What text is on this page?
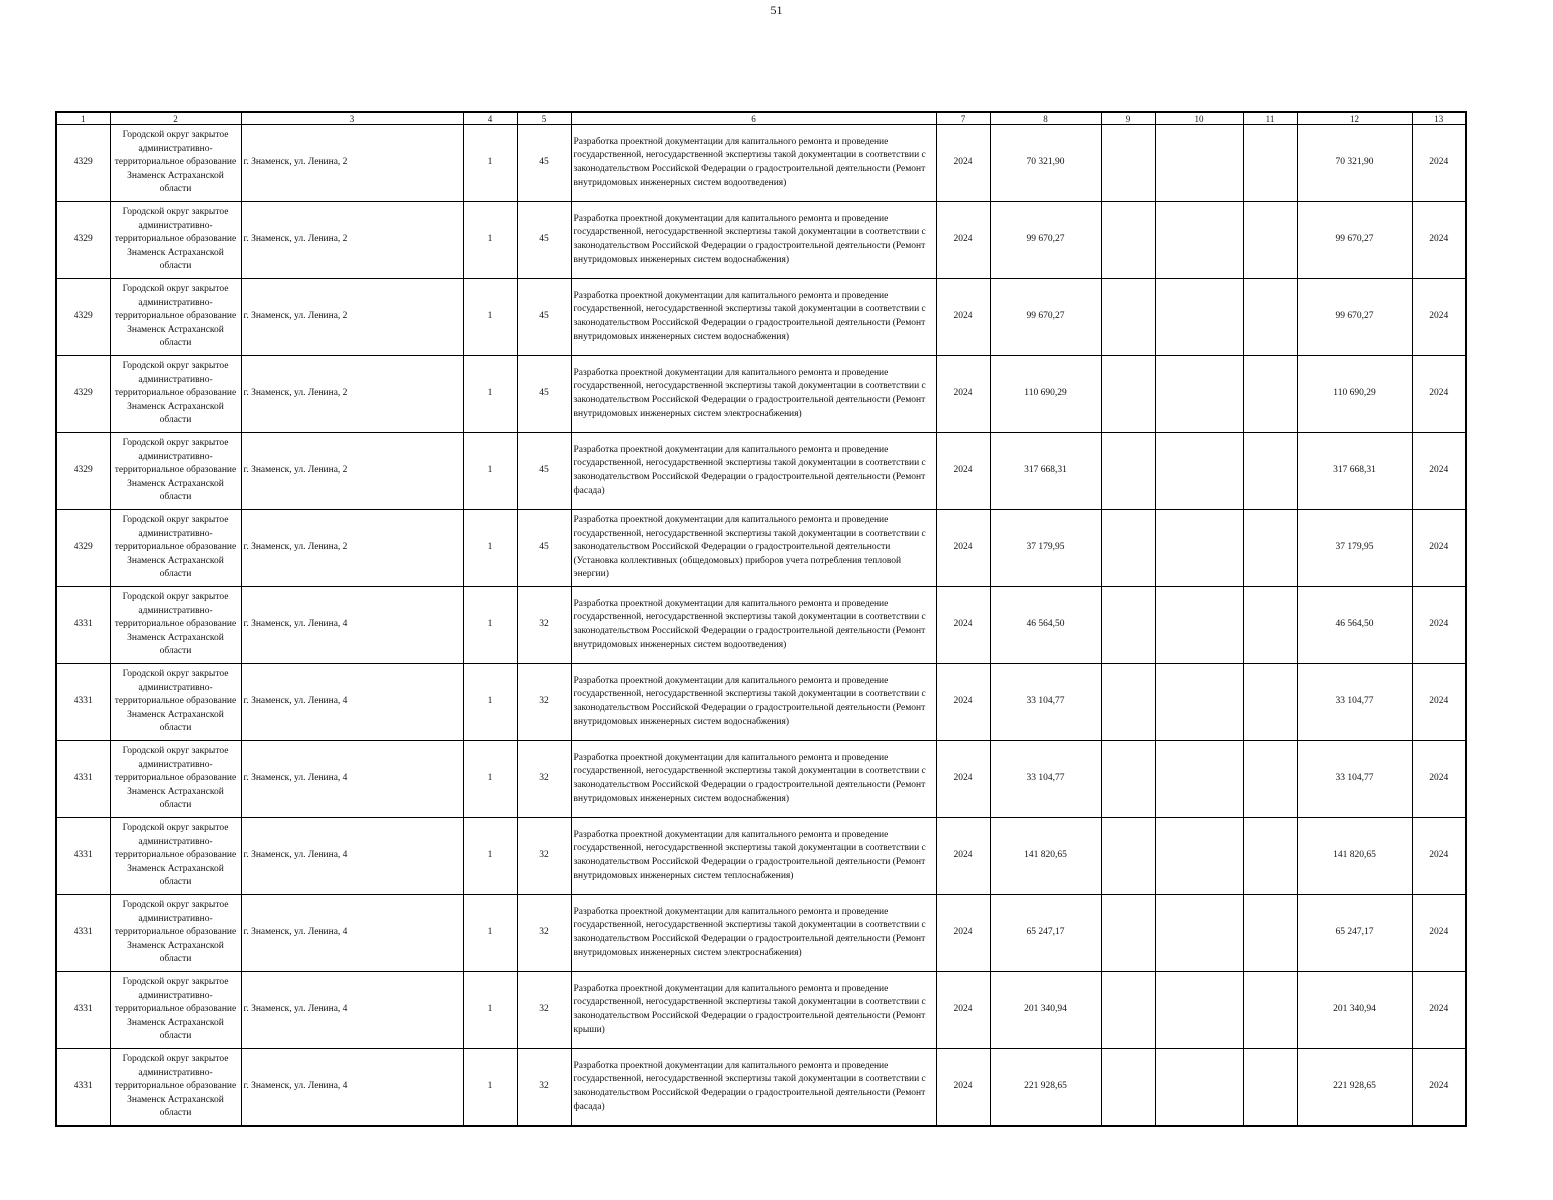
51
1	2	3	4	5	6	7	8	9	10	11	12	13
4329	Городской округ закрытое административно-территориальное образование Знаменск Астраханской области	г. Знаменск, ул. Ленина, 2	1	45	Разработка проектной документации для капитального ремонта и проведение государственной, негосударственной экспертизы такой документации в соответствии с законодательством Российской Федерации о градостроительной деятельности (Ремонт внутридомовых инженерных систем водоотведения)	2024	70 321,90				70 321,90	2024
4329	Городской округ закрытое административно-территориальное образование Знаменск Астраханской области	г. Знаменск, ул. Ленина, 2	1	45	Разработка проектной документации для капитального ремонта и проведение государственной, негосударственной экспертизы такой документации в соответствии с законодательством Российской Федерации о градостроительной деятельности (Ремонт внутридомовых инженерных систем водоснабжения)	2024	99 670,27				99 670,27	2024
4329	Городской округ закрытое административно-территориальное образование Знаменск Астраханской области	г. Знаменск, ул. Ленина, 2	1	45	Разработка проектной документации для капитального ремонта и проведение государственной, негосударственной экспертизы такой документации в соответствии с законодательством Российской Федерации о градостроительной деятельности (Ремонт внутридомовых инженерных систем водоснабжения)	2024	99 670,27				99 670,27	2024
4329	Городской округ закрытое административно-территориальное образование Знаменск Астраханской области	г. Знаменск, ул. Ленина, 2	1	45	Разработка проектной документации для капитального ремонта и проведение государственной, негосударственной экспертизы такой документации в соответствии с законодательством Российской Федерации о градостроительной деятельности (Ремонт внутридомовых инженерных систем электроснабжения)	2024	110 690,29				110 690,29	2024
4329	Городской округ закрытое административно-территориальное образование Знаменск Астраханской области	г. Знаменск, ул. Ленина, 2	1	45	Разработка проектной документации для капитального ремонта и проведение государственной, негосударственной экспертизы такой документации в соответствии с законодательством Российской Федерации о градостроительной деятельности (Ремонт фасада)	2024	317 668,31				317 668,31	2024
4329	Городской округ закрытое административно-территориальное образование Знаменск Астраханской области	г. Знаменск, ул. Ленина, 2	1	45	Разработка проектной документации для капитального ремонта и проведение государственной, негосударственной экспертизы такой документации в соответствии с законодательством Российской Федерации о градостроительной деятельности (Установка коллективных (общедомовых) приборов учета потребления тепловой энергии)	2024	37 179,95				37 179,95	2024
4331	Городской округ закрытое административно-территориальное образование Знаменск Астраханской области	г. Знаменск, ул. Ленина, 4	1	32	Разработка проектной документации для капитального ремонта и проведение государственной, негосударственной экспертизы такой документации в соответствии с законодательством Российской Федерации о градостроительной деятельности (Ремонт внутридомовых инженерных систем водоотведения)	2024	46 564,50				46 564,50	2024
4331	Городской округ закрытое административно-территориальное образование Знаменск Астраханской области	г. Знаменск, ул. Ленина, 4	1	32	Разработка проектной документации для капитального ремонта и проведение государственной, негосударственной экспертизы такой документации в соответствии с законодательством Российской Федерации о градостроительной деятельности (Ремонт внутридомовых инженерных систем водоснабжения)	2024	33 104,77				33 104,77	2024
4331	Городской округ закрытое административно-территориальное образование Знаменск Астраханской области	г. Знаменск, ул. Ленина, 4	1	32	Разработка проектной документации для капитального ремонта и проведение государственной, негосударственной экспертизы такой документации в соответствии с законодательством Российской Федерации о градостроительной деятельности (Ремонт внутридомовых инженерных систем водоснабжения)	2024	33 104,77				33 104,77	2024
4331	Городской округ закрытое административно-территориальное образование Знаменск Астраханской области	г. Знаменск, ул. Ленина, 4	1	32	Разработка проектной документации для капитального ремонта и проведение государственной, негосударственной экспертизы такой документации в соответствии с законодательством Российской Федерации о градостроительной деятельности (Ремонт внутридомовых инженерных систем теплоснабжения)	2024	141 820,65				141 820,65	2024
4331	Городской округ закрытое административно-территориальное образование Знаменск Астраханской области	г. Знаменск, ул. Ленина, 4	1	32	Разработка проектной документации для капитального ремонта и проведение государственной, негосударственной экспертизы такой документации в соответствии с законодательством Российской Федерации о градостроительной деятельности (Ремонт внутридомовых инженерных систем электроснабжения)	2024	65 247,17				65 247,17	2024
4331	Городской округ закрытое административно-территориальное образование Знаменск Астраханской области	г. Знаменск, ул. Ленина, 4	1	32	Разработка проектной документации для капитального ремонта и проведение государственной, негосударственной экспертизы такой документации в соответствии с законодательством Российской Федерации о градостроительной деятельности (Ремонт крыши)	2024	201 340,94				201 340,94	2024
4331	Городской округ закрытое административно-территориальное образование Знаменск Астраханской области	г. Знаменск, ул. Ленина, 4	1	32	Разработка проектной документации для капитального ремонта и проведение государственной, негосударственной экспертизы такой документации в соответствии с законодательством Российской Федерации о градостроительной деятельности (Ремонт фасада)	2024	221 928,65				221 928,65	2024
